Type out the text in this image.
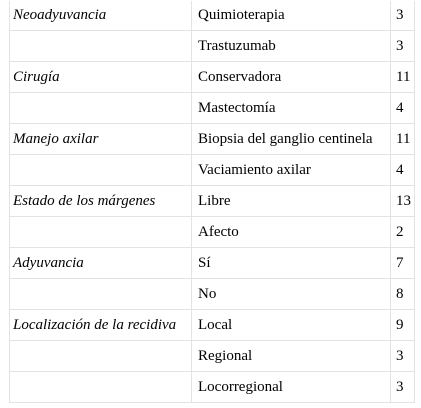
Neoadyuvancia	Quimioterapia	3
	Trastuzumab	3
Cirugía	Conservadora	11
	Mastectomía	4
Manejo axilar	Biopsia del ganglio centinela	11
	Vaciamiento axilar	4
Estado de los márgenes	Libre	13
	Afecto	2
Adyuvancia	Sí	7
	No	8
Localización de la recidiva	Local	9
	Regional	3
	Locorregional	3
